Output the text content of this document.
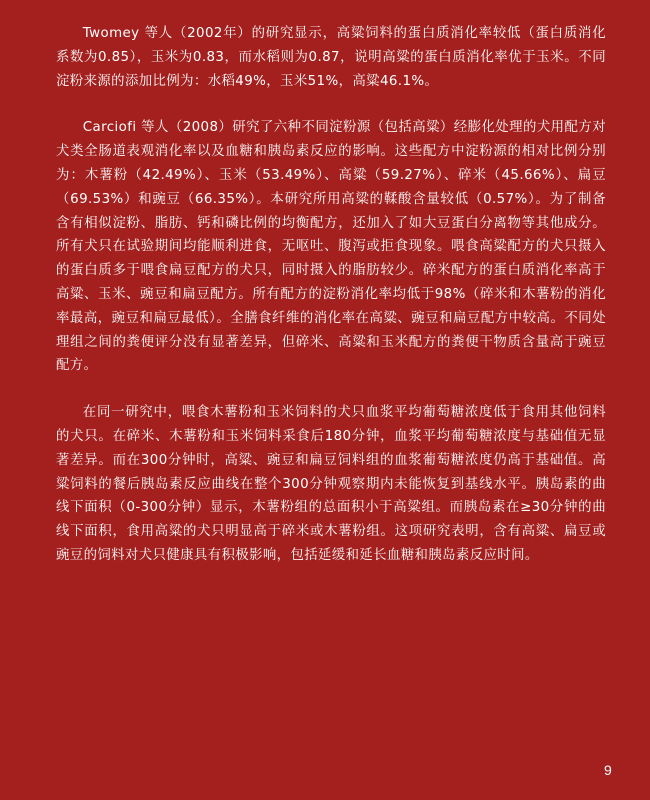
Twomey 等人（2002年）的研究显示，高粱饲料的蛋白质消化率较低（蛋白质消化系数为0.85），玉米为0.83，而水稻则为0.87，说明高粱的蛋白质消化率优于玉米。不同淀粉来源的添加比例为：水稻49%，玉米51%，高粱46.1%。

Carciofi 等人（2008）研究了六种不同淀粉源（包括高粱）经膨化处理的犬用配方对犬类全肠道表观消化率以及血糖和胰岛素反应的影响。这些配方中淀粉源的相对比例分别为：木薯粉（42.49%）、玉米（53.49%）、高粱（59.27%）、碎米（45.66%）、扁豆（69.53%）和豌豆（66.35%）。本研究所用高粱的鞣酸含量较低（0.57%）。为了制备含有相似淀粉、脂肪、钙和磷比例的均衡配方，还加入了如大豆蛋白分离物等其他成分。所有犬只在试验期间均能顺利进食，无呕吐、腹泻或拒食现象。喂食高粱配方的犬只摄入的蛋白质多于喂食扁豆配方的犬只，同时摄入的脂肪较少。碎米配方的蛋白质消化率高于高粱、玉米、豌豆和扁豆配方。所有配方的淀粉消化率均低于98%（碎米和木薯粉的消化率最高，豌豆和扁豆最低）。全膳食纤维的消化率在高粱、豌豆和扁豆配方中较高。不同处理组之间的粪便评分没有显著差异，但碎米、高粱和玉米配方的粪便干物质含量高于豌豆配方。

在同一研究中，喂食木薯粉和玉米饲料的犬只血浆平均葡萄糖浓度低于食用其他饲料的犬只。在碎米、木薯粉和玉米饲料采食后180分钟，血浆平均葡萄糖浓度与基础值无显著差异。而在300分钟时，高粱、豌豆和扁豆饲料组的血浆葡萄糖浓度仍高于基础值。高粱饲料的餐后胰岛素反应曲线在整个300分钟观察期内未能恢复到基线水平。胰岛素的曲线下面积（0-300分钟）显示，木薯粉组的总面积小于高粱组。而胰岛素在≥30分钟的曲线下面积，食用高粱的犬只明显高于碎米或木薯粉组。这项研究表明，含有高粱、扁豆或豌豆的饲料对犬只健康具有积极影响，包括延缓和延长血糖和胰岛素反应时间。

9
